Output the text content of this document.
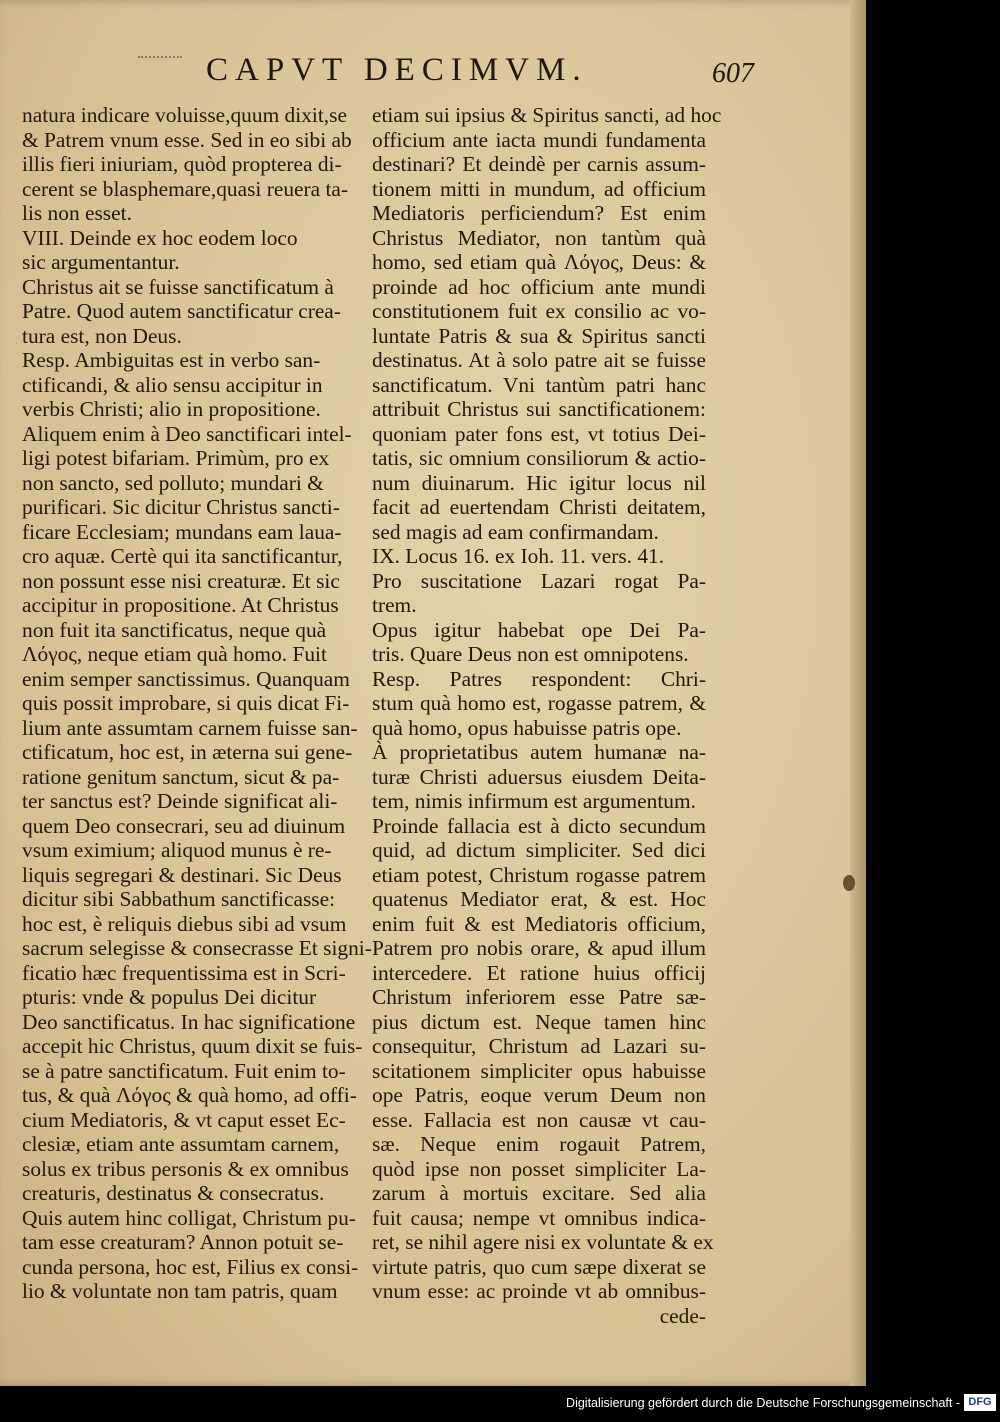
CAPVT DECIMVM.	607
natura indicare voluisse,quum dixit,se
& Patrem vnum esse. Sed in eo sibi ab
illis fieri iniuriam, quòd propterea di-
cerent se blasphemare,quasi reuera ta-
lis non esset.
VIII. Deinde ex hoc eodem loco
sic argumentantur.
Christus ait se fuisse sanctificatum à
Patre. Quod autem sanctificatur crea-
tura est, non Deus.
Resp. Ambiguitas est in verbo san-
ctificandi, & alio sensu accipitur in
verbis Christi; alio in propositione.
Aliquem enim à Deo sanctificari intel-
ligi potest bifariam. Primùm, pro ex
non sancto, sed polluto; mundari &
purificari. Sic dicitur Christus sancti-
ficare Ecclesiam; mundans eam laua-
cro aquæ. Certè qui ita sanctificantur,
non possunt esse nisi creaturæ. Et sic
accipitur in propositione. At Christus
non fuit ita sanctificatus, neque quà
Λόγος, neque etiam quà homo. Fuit
enim semper sanctissimus. Quanquam
quis possit improbare, si quis dicat Fi-
lium ante assumtam carnem fuisse san-
ctificatum, hoc est, in æterna sui gene-
ratione genitum sanctum, sicut & pa-
ter sanctus est? Deinde significat ali-
quem Deo consecrari, seu ad diuinum
vsum eximium; aliquod munus è re-
liquis segregari & destinari. Sic Deus
dicitur sibi Sabbathum sanctificasse:
hoc est, è reliquis diebus sibi ad vsum
sacrum selegisse & consecrasse Et signi-
ficatio hæc frequentissima est in Scri-
pturis: vnde & populus Dei dicitur
Deo sanctificatus. In hac significatione
accepit hic Christus, quum dixit se fuis-
se à patre sanctificatum. Fuit enim to-
tus, & quà Λόγος & quà homo, ad offi-
cium Mediatoris, & vt caput esset Ec-
clesiæ, etiam ante assumtam carnem,
solus ex tribus personis & ex omnibus
creaturis, destinatus & consecratus.
Quis autem hinc colligat, Christum pu-
tam esse creaturam? Annon potuit se-
cunda persona, hoc est, Filius ex consi-
lio & voluntate non tam patris, quam
etiam sui ipsius & Spiritus sancti, ad hoc
officium ante iacta mundi fundamenta
destinari? Et deindè per carnis assum-
tionem mitti in mundum, ad officium
Mediatoris perficiendum? Est enim
Christus Mediator, non tantùm quà
homo, sed etiam quà Λόγος, Deus: &
proinde ad hoc officium ante mundi
constitutionem fuit ex consilio ac vo-
luntate Patris & sua & Spiritus sancti
destinatus. At à solo patre ait se fuisse
sanctificatum. Vni tantùm patri hanc
attribuit Christus sui sanctificationem:
quoniam pater fons est, vt totius Dei-
tatis, sic omnium consiliorum & actio-
num diuinarum. Hic igitur locus nil
facit ad euertendam Christi deitatem,
sed magis ad eam confirmandam.
IX. Locus 16. ex Ioh. 11. vers. 41.
Pro suscitatione Lazari rogat Pa-
trem.
Opus igitur habebat ope Dei Pa-
tris. Quare Deus non est omnipotens.
Resp. Patres respondent: Chri-
stum quà homo est, rogasse patrem, &
quà homo, opus habuisse patris ope.
À proprietatibus autem humanæ na-
turæ Christi aduersus eiusdem Deita-
tem, nimis infirmum est argumentum.
Proinde fallacia est à dicto secundum
quid, ad dictum simpliciter. Sed dici
etiam potest, Christum rogasse patrem
quatenus Mediator erat, & est. Hoc
enim fuit & est Mediatoris officium,
Patrem pro nobis orare, & apud illum
intercedere. Et ratione huius officij
Christum inferiorem esse Patre sæ-
pius dictum est. Neque tamen hinc
consequitur, Christum ad Lazari su-
scitationem simpliciter opus habuisse
ope Patris, eoque verum Deum non
esse. Fallacia est non causæ vt cau-
sæ. Neque enim rogauit Patrem,
quòd ipse non posset simpliciter La-
zarum à mortuis excitare. Sed alia
fuit causa; nempe vt omnibus indica-
ret, se nihil agere nisi ex voluntate & ex
virtute patris, quo cum sæpe dixerat se
vnum esse: ac proinde vt ab omnibus-
cede-
Digitalisierung gefördert durch die Deutsche Forschungsgemeinschaft - DFG
